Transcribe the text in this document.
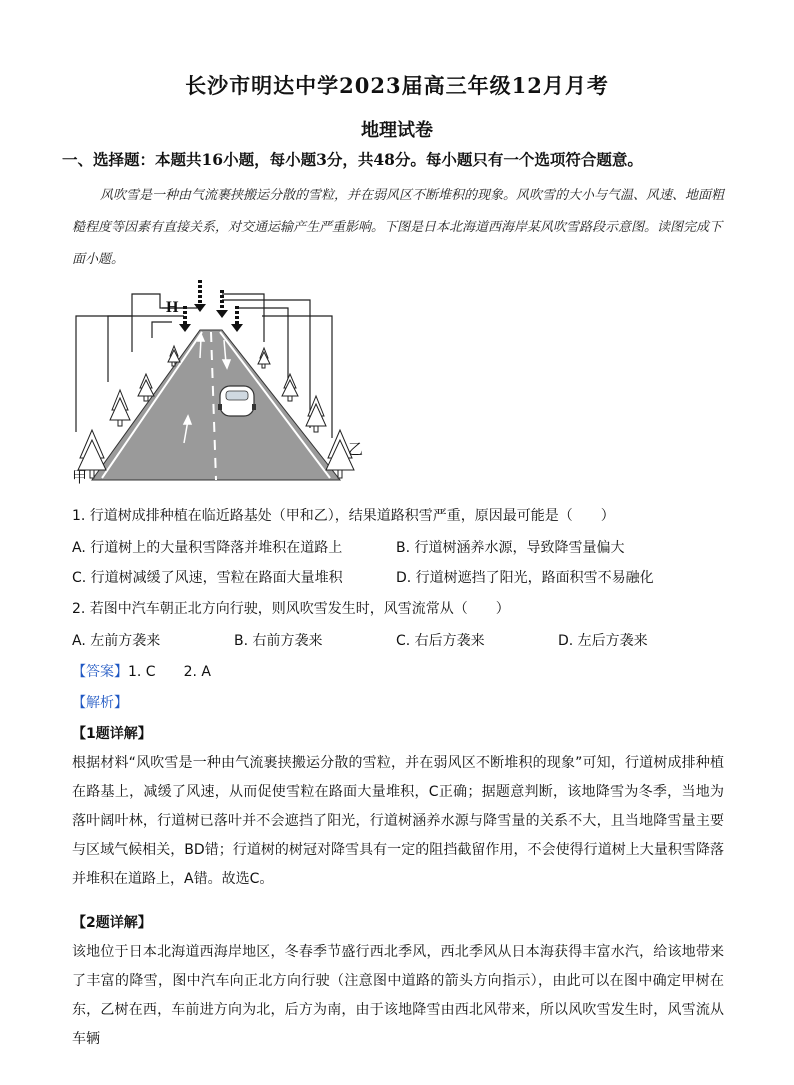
长沙市明达中学2023届高三年级12月月考
地理试卷
一、选择题：本题共16小题，每小题3分，共48分。每小题只有一个选项符合题意。
风吹雪是一种由气流裹挟搬运分散的雪粒，并在弱风区不断堆积的现象。风吹雪的大小与气温、风速、地面粗糙程度等因素有直接关系，对交通运输产生严重影响。下图是日本北海道西海岸某风吹雪路段示意图。读图完成下面小题。
H
甲
乙
1. 行道树成排种植在临近路基处（甲和乙），结果道路积雪严重，原因最可能是（　　）
A. 行道树上的大量积雪降落并堆积在道路上	B. 行道树涵养水源，导致降雪量偏大
C. 行道树减缓了风速，雪粒在路面大量堆积	D. 行道树遮挡了阳光，路面积雪不易融化
2. 若图中汽车朝正北方向行驶，则风吹雪发生时，风雪流常从（　　）
A. 左前方袭来	B. 右前方袭来	C. 右后方袭来	D. 左后方袭来
【答案】1. C　　2. A
【解析】
【1题详解】
根据材料“风吹雪是一种由气流裹挟搬运分散的雪粒，并在弱风区不断堆积的现象”可知，行道树成排种植在路基上，减缓了风速，从而促使雪粒在路面大量堆积，C正确；据题意判断，该地降雪为冬季，当地为落叶阔叶林，行道树已落叶并不会遮挡了阳光，行道树涵养水源与降雪量的关系不大，且当地降雪量主要与区域气候相关，BD错；行道树的树冠对降雪具有一定的阻挡截留作用，不会使得行道树上大量积雪降落并堆积在道路上，A错。故选C。
【2题详解】
该地位于日本北海道西海岸地区，冬春季节盛行西北季风，西北季风从日本海获得丰富水汽，给该地带来了丰富的降雪，图中汽车向正北方向行驶（注意图中道路的箭头方向指示），由此可以在图中确定甲树在东，乙树在西，车前进方向为北，后方为南，由于该地降雪由西北风带来，所以风吹雪发生时，风雪流从车辆
